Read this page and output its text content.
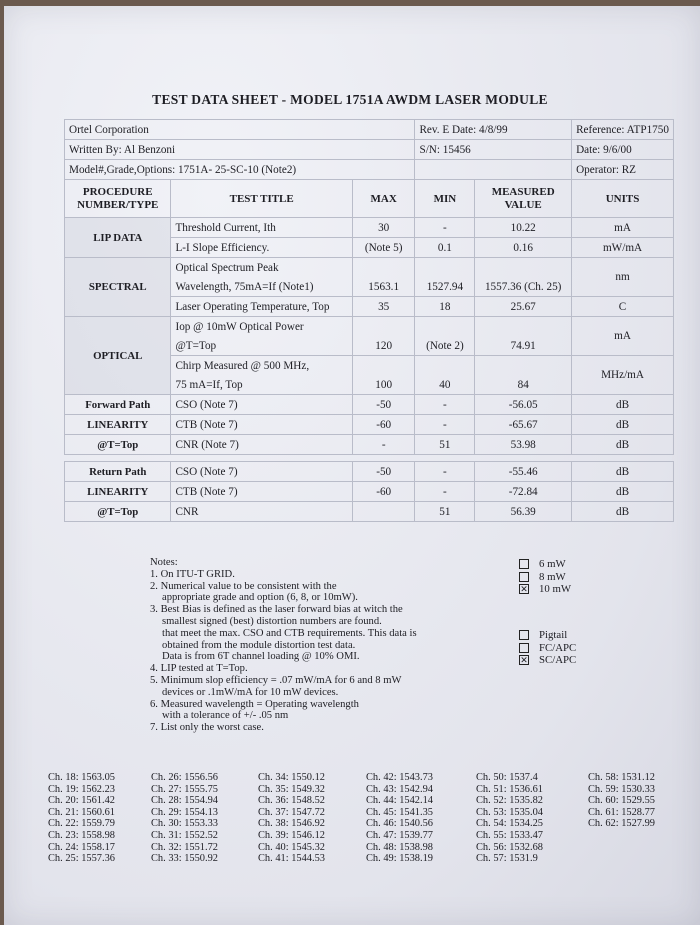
TEST DATA SHEET - MODEL 1751A AWDM LASER MODULE
Ortel Corporation			Rev. E Date: 4/8/99		Reference: ATP1750
Written By: Al Benzoni			S/N: 15456		Date: 9/6/00
Model#,Grade,Options: 1751A- 25-SC-10 (Note2)					Operator: RZ
PROCEDURE NUMBER/TYPE	TEST TITLE	MAX	MIN	MEASURED VALUE	UNITS
LIP DATA	Threshold Current, Ith	30	-	10.22	mA
	L-I Slope Efficiency.	(Note 5)	0.1	0.16	mW/mA
SPECTRAL	Optical Spectrum Peak	1563.1	1527.94	1557.36 (Ch. 25)	nm
	Wavelength, 75mA=If (Note1)				
	Laser Operating Temperature, Top	35	18	25.67	C
OPTICAL	Iop @ 10mW Optical Power	120	(Note 2)	74.91	mA
	@T=Top				
	Chirp Measured @ 500 MHz,	100	40	84	MHz/mA
	75 mA=If, Top				
Forward Path	CSO (Note 7)	-50	-	-56.05	dB
LINEARITY	CTB (Note 7)	-60	-	-65.67	dB
@T=Top	CNR (Note 7)	-	51	53.98	dB

Return Path	CSO (Note 7)	-50	-	-55.46	dB
LINEARITY	CTB (Note 7)	-60	-	-72.84	dB
@T=Top	CNR		51	56.39	dB
Notes:
1. On ITU-T GRID.
2. Numerical value to be consistent with the
appropriate grade and option (6, 8, or 10mW).
3. Best Bias is defined as the laser forward bias at witch the
smallest signed (best) distortion numbers are found.
that meet the max. CSO and CTB requirements. This data is
obtained from the module distortion test data.
Data is from 6T channel loading @ 10% OMI.
4. LIP tested at T=Top.
5. Minimum slop efficiency = .07 mW/mA for 6 and 8 mW
devices or .1mW/mA for 10 mW devices.
6. Measured wavelength = Operating wavelength
with a tolerance of +/- .05 nm
7. List only the worst case.
6 mW
8 mW
✕ 10 mW
Pigtail
FC/APC
✕ SC/APC
Ch. 18: 1563.05
Ch. 19: 1562.23
Ch. 20: 1561.42
Ch. 21: 1560.61
Ch. 22: 1559.79
Ch. 23: 1558.98
Ch. 24: 1558.17
Ch. 25: 1557.36
Ch. 26: 1556.56
Ch. 27: 1555.75
Ch. 28: 1554.94
Ch. 29: 1554.13
Ch. 30: 1553.33
Ch. 31: 1552.52
Ch. 32: 1551.72
Ch. 33: 1550.92
Ch. 34: 1550.12
Ch. 35: 1549.32
Ch. 36: 1548.52
Ch. 37: 1547.72
Ch. 38: 1546.92
Ch. 39: 1546.12
Ch. 40: 1545.32
Ch. 41: 1544.53
Ch. 42: 1543.73
Ch. 43: 1542.94
Ch. 44: 1542.14
Ch. 45: 1541.35
Ch. 46: 1540.56
Ch. 47: 1539.77
Ch. 48: 1538.98
Ch. 49: 1538.19
Ch. 50: 1537.4
Ch. 51: 1536.61
Ch. 52: 1535.82
Ch. 53: 1535.04
Ch. 54: 1534.25
Ch. 55: 1533.47
Ch. 56: 1532.68
Ch. 57: 1531.9
Ch. 58: 1531.12
Ch. 59: 1530.33
Ch. 60: 1529.55
Ch. 61: 1528.77
Ch. 62: 1527.99
